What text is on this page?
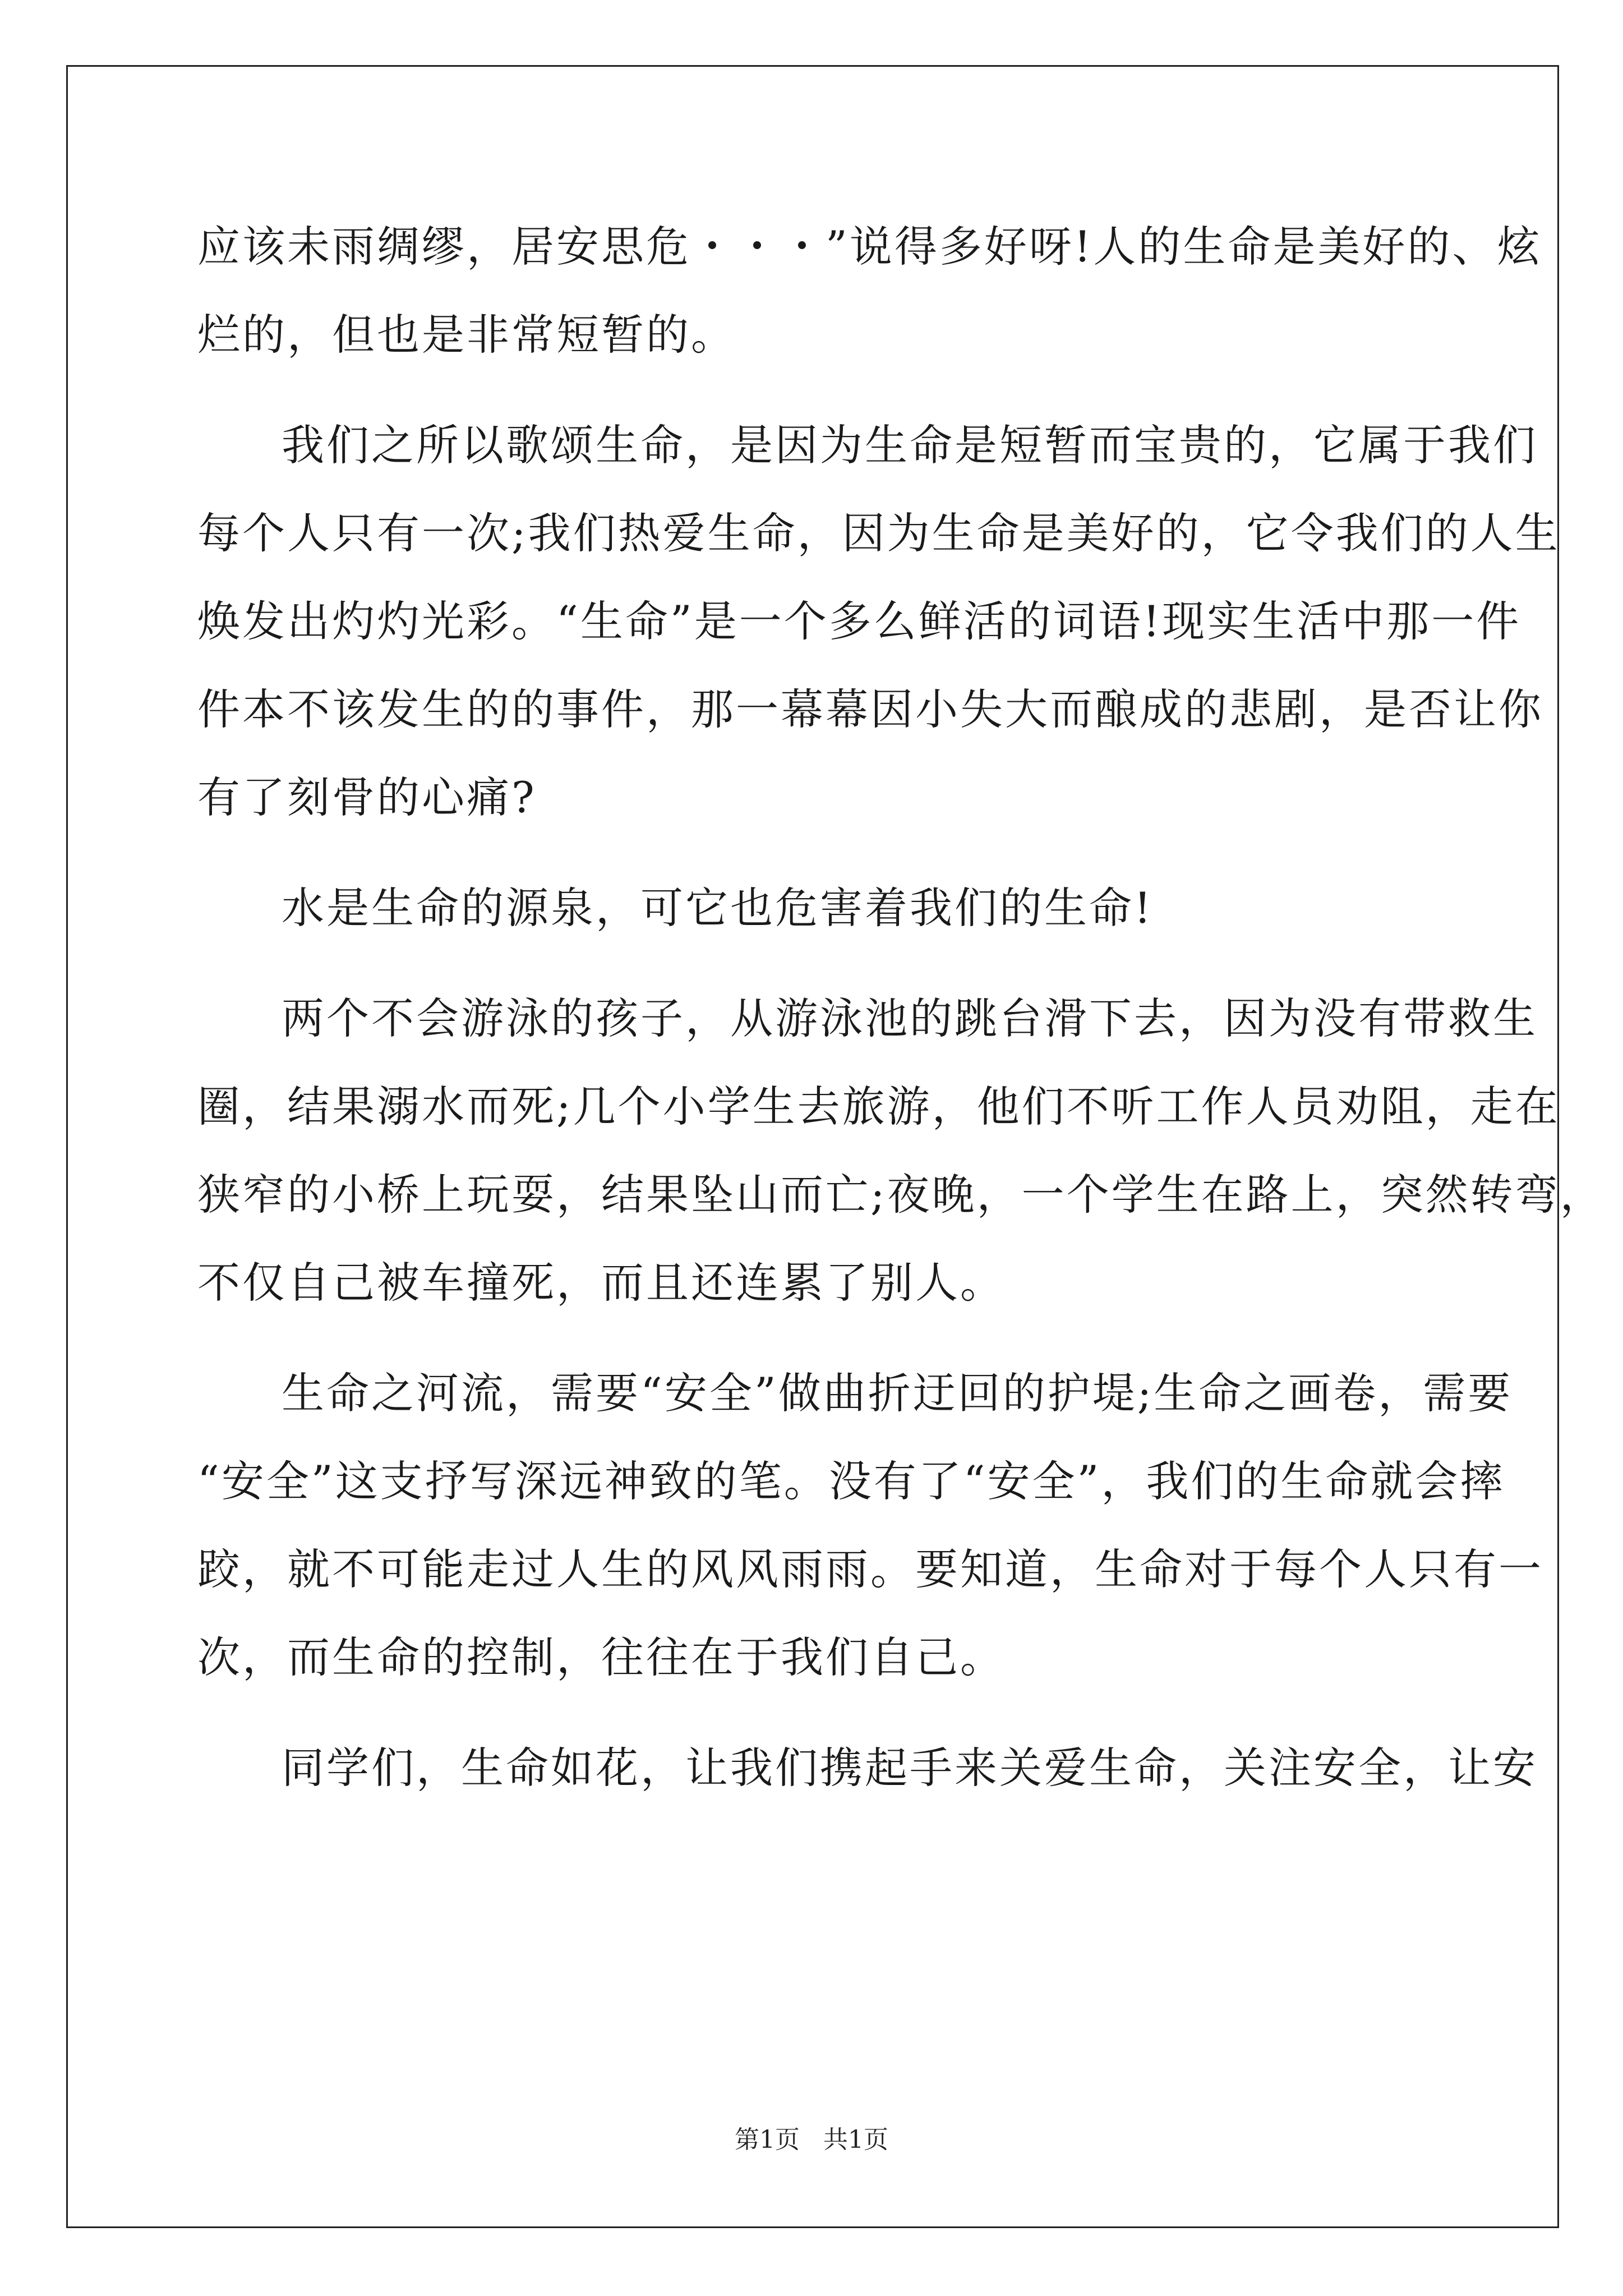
应该未雨绸缪，居安思危・・・”说得多好呀!人的生命是美好的、炫
烂的，但也是非常短暂的。
我们之所以歌颂生命，是因为生命是短暂而宝贵的，它属于我们
每个人只有一次;我们热爱生命，因为生命是美好的，它令我们的人生
焕发出灼灼光彩。“生命”是一个多么鲜活的词语!现实生活中那一件
件本不该发生的的事件，那一幕幕因小失大而酿成的悲剧，是否让你
有了刻骨的心痛?
水是生命的源泉，可它也危害着我们的生命!
两个不会游泳的孩子，从游泳池的跳台滑下去，因为没有带救生
圈，结果溺水而死;几个小学生去旅游，他们不听工作人员劝阻，走在
狭窄的小桥上玩耍，结果坠山而亡;夜晚，一个学生在路上，突然转弯，
不仅自己被车撞死，而且还连累了别人。
生命之河流，需要“安全”做曲折迂回的护堤;生命之画卷，需要
“安全”这支抒写深远神致的笔。没有了“安全”，我们的生命就会摔
跤，就不可能走过人生的风风雨雨。要知道，生命对于每个人只有一
次，而生命的控制，往往在于我们自己。
同学们，生命如花，让我们携起手来关爱生命，关注安全，让安
第1页   共1页
